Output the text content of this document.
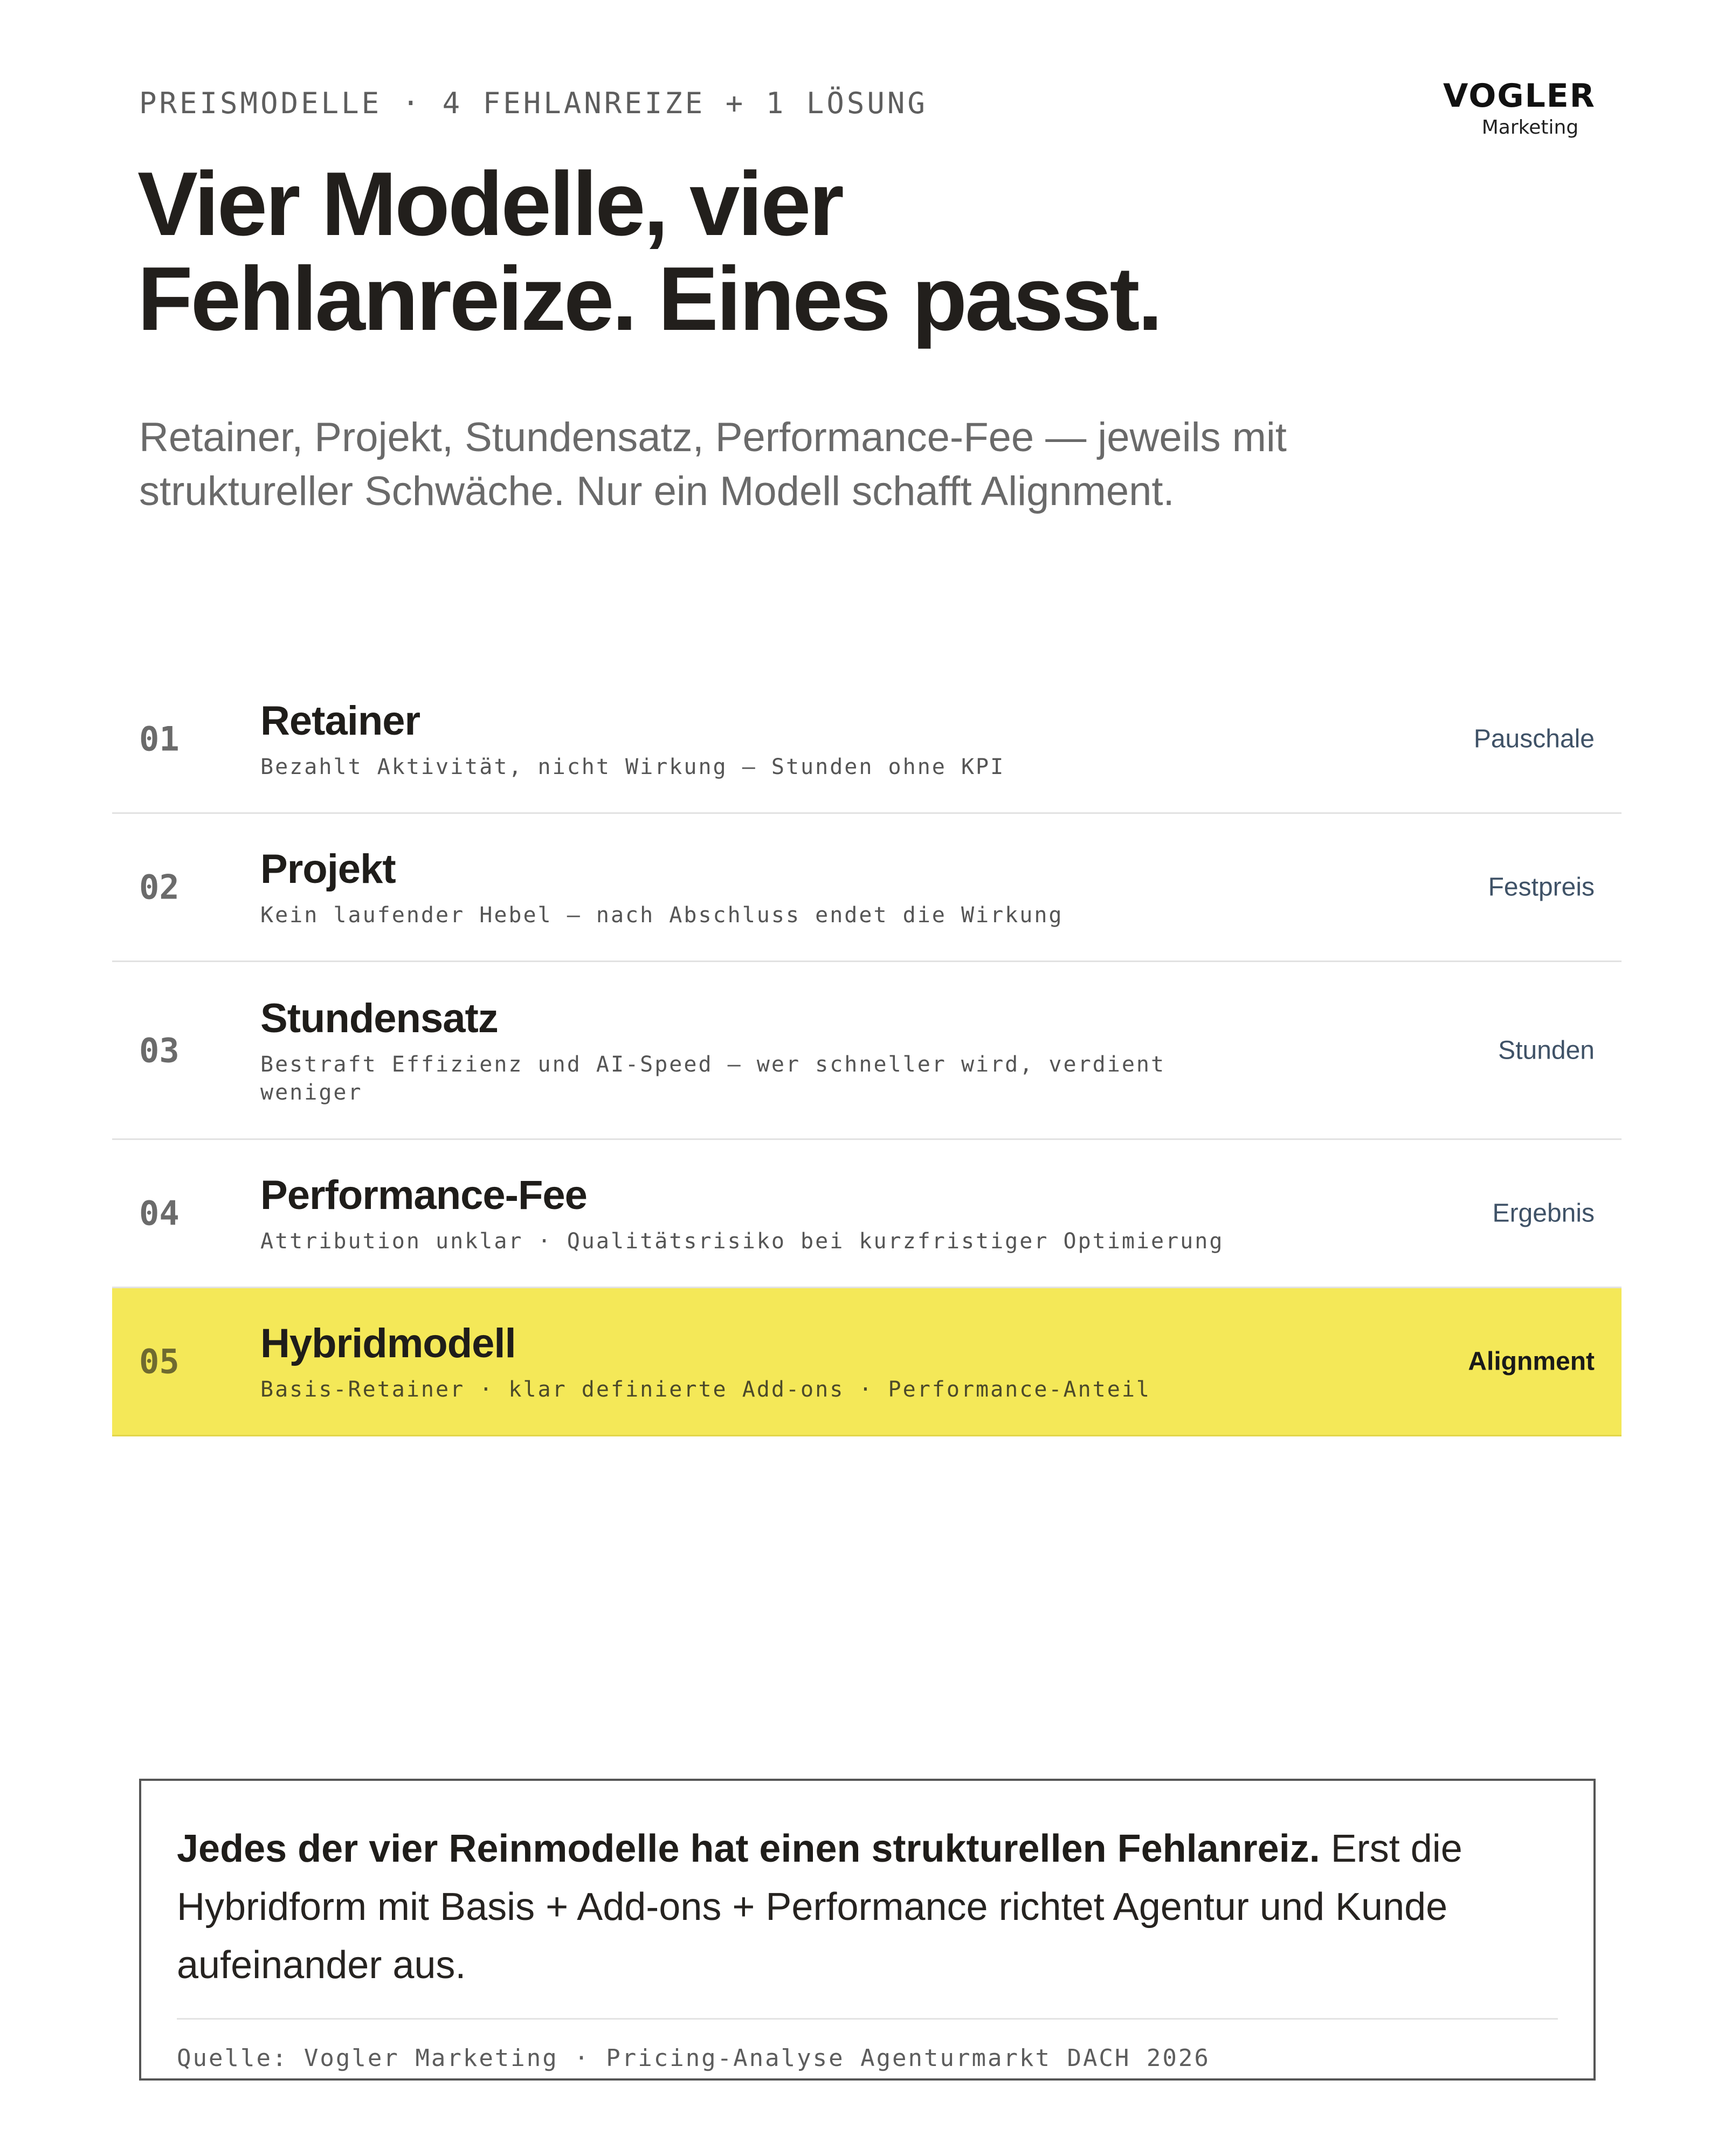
PREISMODELLE · 4 FEHLANREIZE + 1 LÖSUNG	VOGLER
Marketing
Vier Modelle, vier
Fehlanreize. Eines passt.

Retainer, Projekt, Stundensatz, Performance-Fee — jeweils mit
struktureller Schwäche. Nur ein Modell schafft Alignment.

01 Retainer
Bezahlt Aktivität, nicht Wirkung — Stunden ohne KPI
Pauschale
02 Projekt
Kein laufender Hebel — nach Abschluss endet die Wirkung
Festpreis
03
Stundensatz
Bestraft Effizienz und AI-Speed — wer schneller wird, verdient weniger
Stunden
04 Performance-Fee
Attribution unklar · Qualitätsrisiko bei kurzfristiger Optimierung
Ergebnis
05 Hybridmodell
Basis-Retainer · klar definierte Add-ons · Performance-Anteil
Alignment

Jedes der vier Reinmodelle hat einen strukturellen Fehlanreiz. Erst die Hybridform mit Basis + Add-ons + Performance richtet Agentur und Kunde aufeinander aus.

Quelle: Vogler Marketing · Pricing-Analyse Agenturmarkt DACH 2026
